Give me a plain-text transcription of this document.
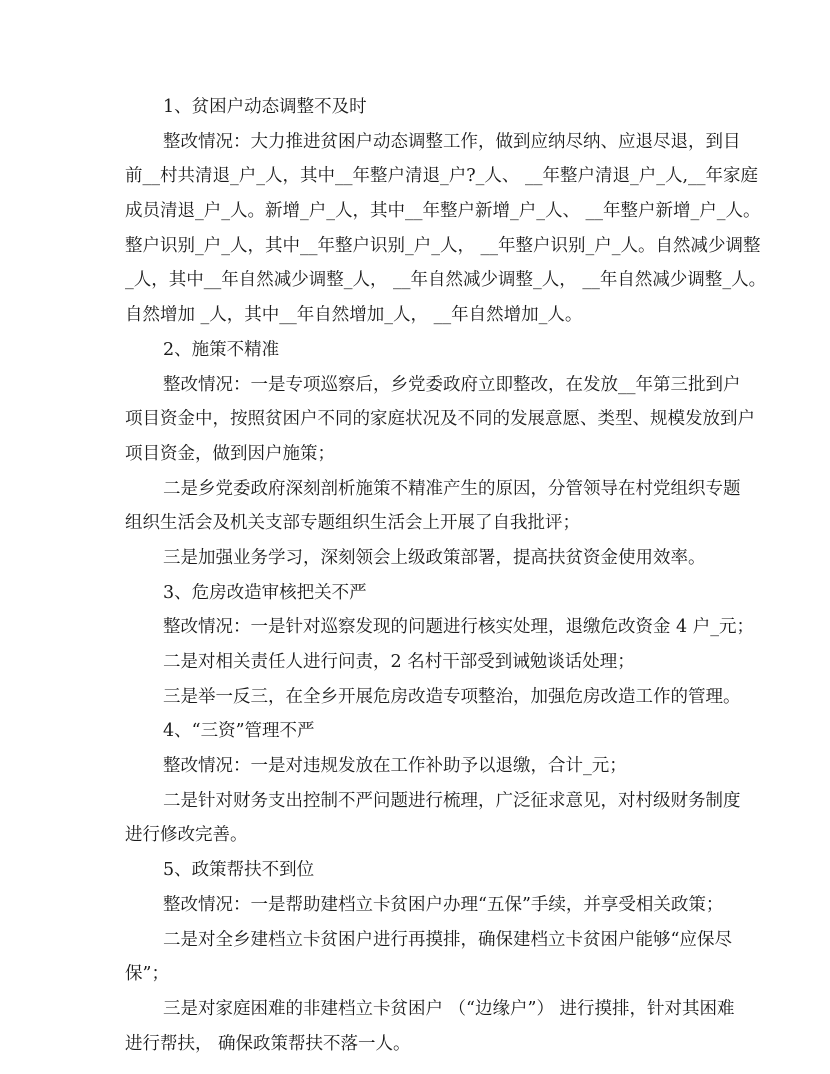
1、贫困户动态调整不及时
整改情况：大力推进贫困户动态调整工作，做到应纳尽纳、应退尽退，到目
前__村共清退_户_人，其中__年整户清退_户?_人、 __年整户清退_户_人,__年家庭
成员清退_户_人。新增_户_人，其中__年整户新增_户_人、 __年整户新增_户_人。
整户识别_户_人，其中__年整户识别_户_人， __年整户识别_户_人。自然减少调整
_人，其中__年自然减少调整_人， __年自然减少调整_人， __年自然减少调整_人。
自然增加 _人，其中__年自然增加_人， __年自然增加_人。
2、施策不精准
整改情况：一是专项巡察后，乡党委政府立即整改，在发放__年第三批到户
项目资金中，按照贫困户不同的家庭状况及不同的发展意愿、类型、规模发放到户
项目资金，做到因户施策；
二是乡党委政府深刻剖析施策不精准产生的原因，分管领导在村党组织专题
组织生活会及机关支部专题组织生活会上开展了自我批评；
三是加强业务学习，深刻领会上级政策部署，提高扶贫资金使用效率。
3、危房改造审核把关不严
整改情况：一是针对巡察发现的问题进行核实处理，退缴危改资金 4 户_元；
二是对相关责任人进行问责，2 名村干部受到诫勉谈话处理；
三是举一反三，在全乡开展危房改造专项整治，加强危房改造工作的管理。
4、“三资”管理不严
整改情况：一是对违规发放在工作补助予以退缴，合计_元；
二是针对财务支出控制不严问题进行梳理，广泛征求意见，对村级财务制度
进行修改完善。
5、政策帮扶不到位
整改情况：一是帮助建档立卡贫困户办理“五保”手续，并享受相关政策；
二是对全乡建档立卡贫困户进行再摸排，确保建档立卡贫困户能够“应保尽
保”；
三是对家庭困难的非建档立卡贫困户 （“边缘户”） 进行摸排，针对其困难
进行帮扶， 确保政策帮扶不落一人。
